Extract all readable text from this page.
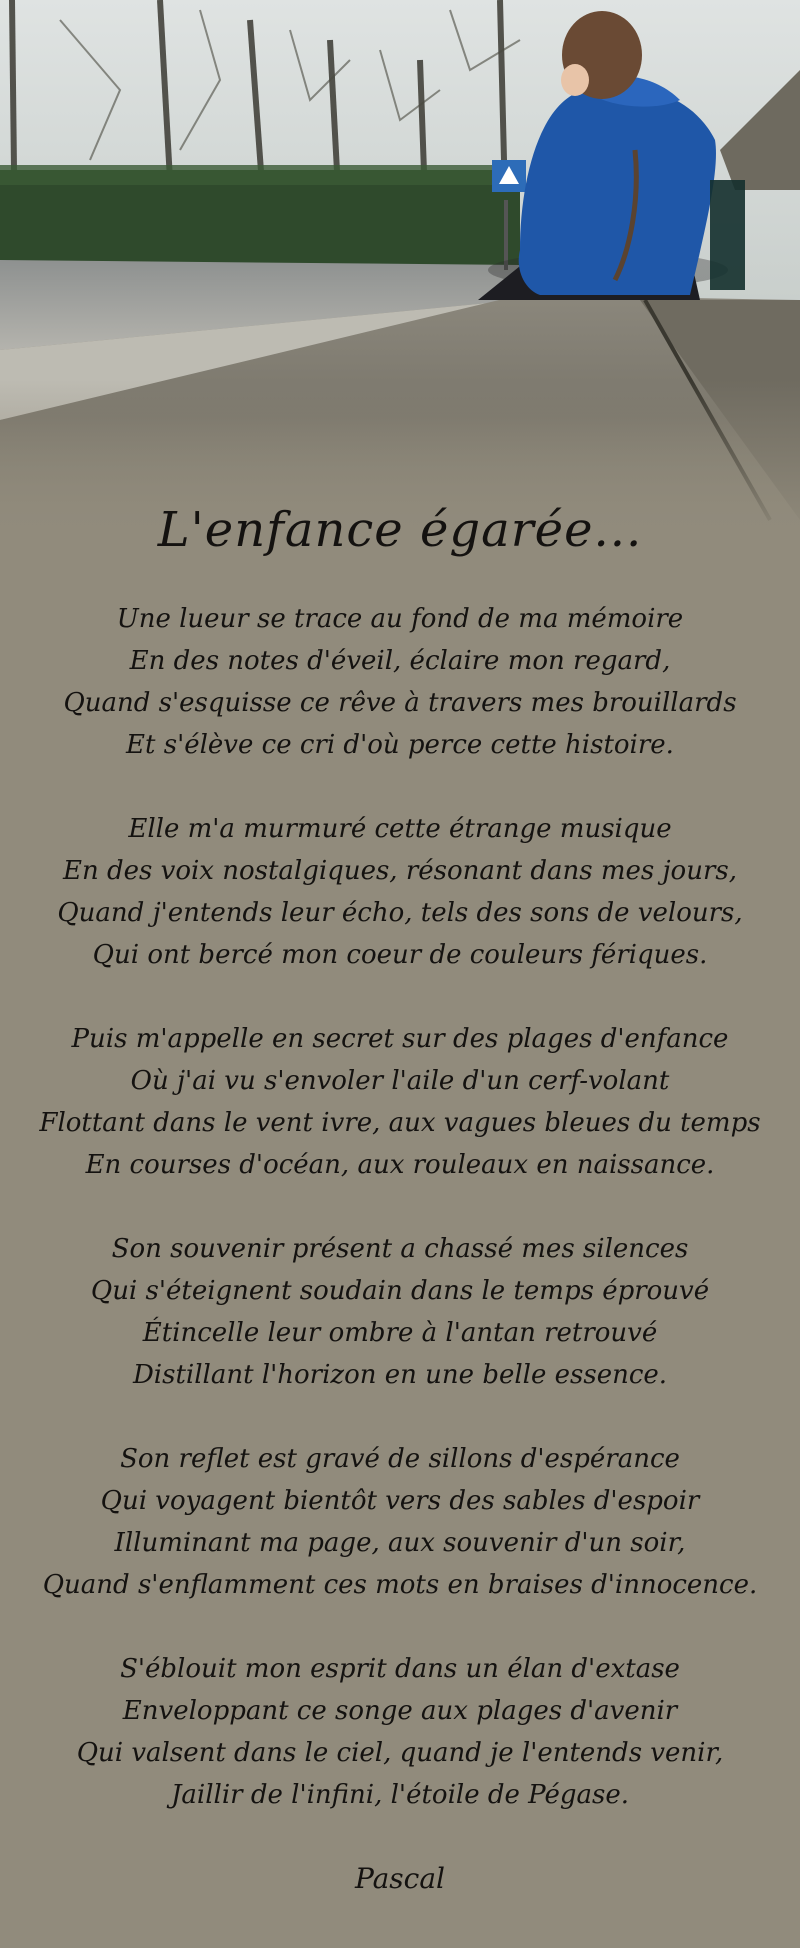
L'enfance égarée...
Une lueur se trace au fond de ma mémoire
En des notes d'éveil, éclaire mon regard,
Quand s'esquisse ce rêve à travers mes brouillards
Et s'élève ce cri d'où perce cette histoire.
Elle m'a murmuré cette étrange musique
En des voix nostalgiques, résonant dans mes jours,
Quand j'entends leur écho, tels des sons de velours,
Qui ont bercé mon coeur de couleurs fériques.
Puis m'appelle en secret sur des plages d'enfance
Où j'ai vu s'envoler l'aile d'un cerf-volant
Flottant dans le vent ivre, aux vagues bleues du temps
En courses d'océan, aux rouleaux en naissance.
Son souvenir présent a chassé mes silences
Qui s'éteignent soudain dans le temps éprouvé
Étincelle leur ombre à l'antan retrouvé
Distillant l'horizon en une belle essence.
Son reflet est gravé de sillons d'espérance
Qui voyagent bientôt vers des sables d'espoir
Illuminant ma page, aux souvenir d'un soir,
Quand s'enflamment ces mots en braises d'innocence.
S'éblouit mon esprit dans un élan d'extase
Enveloppant ce songe aux plages d'avenir
Qui valsent dans le ciel, quand je l'entends venir,
Jaillir de l'infini, l'étoile de Pégase.
Pascal
